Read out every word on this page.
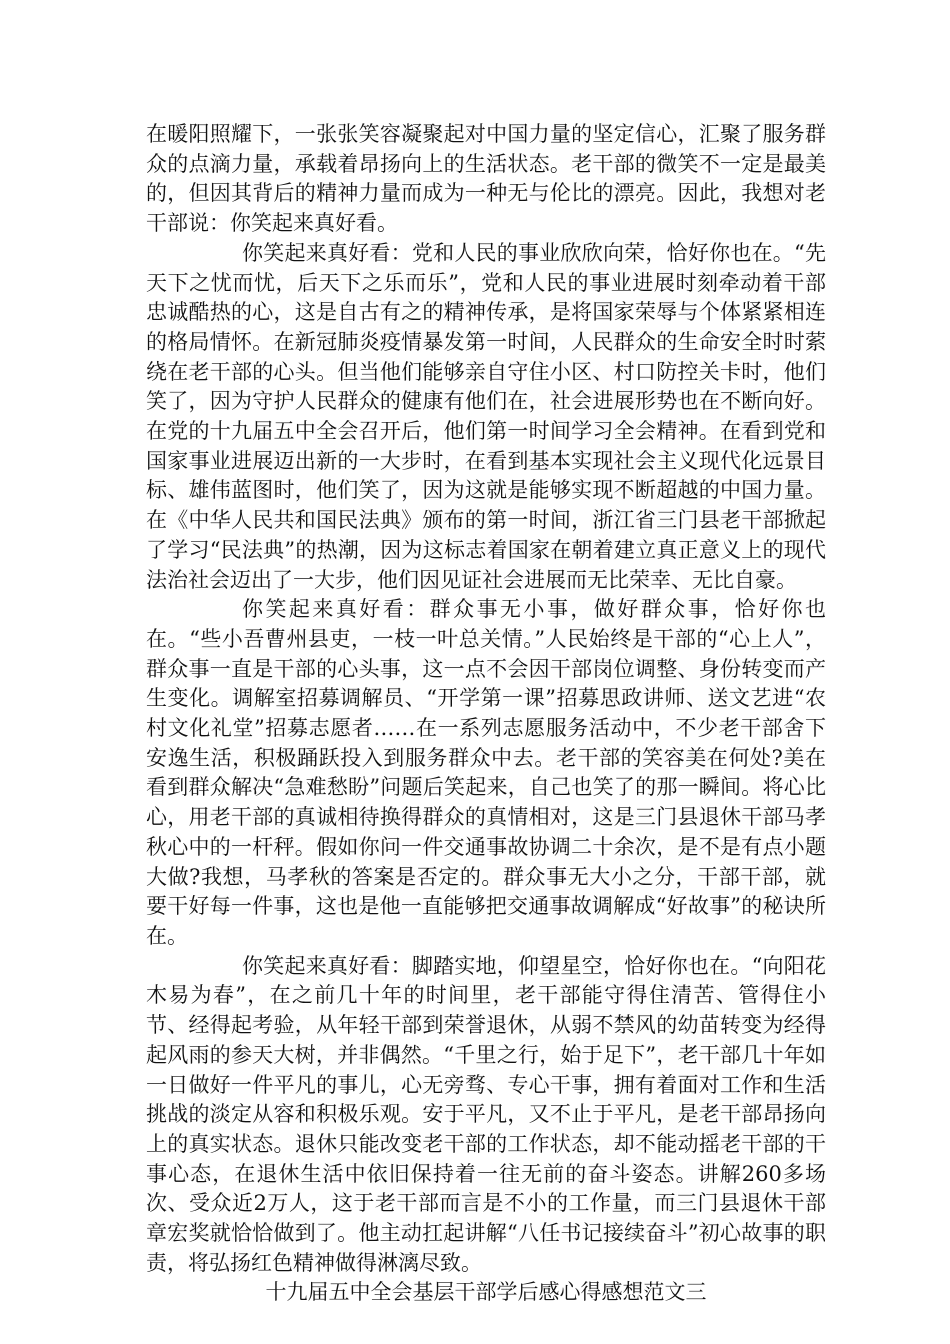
在暖阳照耀下，一张张笑容凝聚起对中国力量的坚定信心，汇聚了服务群众的点滴力量，承载着昂扬向上的生活状态。老干部的微笑不一定是最美的，但因其背后的精神力量而成为一种无与伦比的漂亮。因此，我想对老干部说：你笑起来真好看。

你笑起来真好看：党和人民的事业欣欣向荣，恰好你也在。“先天下之忧而忧，后天下之乐而乐”，党和人民的事业进展时刻牵动着干部忠诚酷热的心，这是自古有之的精神传承，是将国家荣辱与个体紧紧相连的格局情怀。在新冠肺炎疫情暴发第一时间，人民群众的生命安全时时萦绕在老干部的心头。但当他们能够亲自守住小区、村口防控关卡时，他们笑了，因为守护人民群众的健康有他们在，社会进展形势也在不断向好。在党的十九届五中全会召开后，他们第一时间学习全会精神。在看到党和国家事业进展迈出新的一大步时，在看到基本实现社会主义现代化远景目标、雄伟蓝图时，他们笑了，因为这就是能够实现不断超越的中国力量。在《中华人民共和国民法典》颁布的第一时间，浙江省三门县老干部掀起了学习“民法典”的热潮，因为这标志着国家在朝着建立真正意义上的现代法治社会迈出了一大步，他们因见证社会进展而无比荣幸、无比自豪。

你笑起来真好看：群众事无小事，做好群众事，恰好你也在。“些小吾曹州县吏，一枝一叶总关情。”人民始终是干部的“心上人”，群众事一直是干部的心头事，这一点不会因干部岗位调整、身份转变而产生变化。调解室招募调解员、“开学第一课”招募思政讲师、送文艺进“农村文化礼堂”招募志愿者……在一系列志愿服务活动中，不少老干部舍下安逸生活，积极踊跃投入到服务群众中去。老干部的笑容美在何处?美在看到群众解决“急难愁盼”问题后笑起来，自己也笑了的那一瞬间。将心比心，用老干部的真诚相待换得群众的真情相对，这是三门县退休干部马孝秋心中的一杆秤。假如你问一件交通事故协调二十余次，是不是有点小题大做?我想，马孝秋的答案是否定的。群众事无大小之分，干部干部，就要干好每一件事，这也是他一直能够把交通事故调解成“好故事”的秘诀所在。

你笑起来真好看：脚踏实地，仰望星空，恰好你也在。“向阳花木易为春”，在之前几十年的时间里，老干部能守得住清苦、管得住小节、经得起考验，从年轻干部到荣誉退休，从弱不禁风的幼苗转变为经得起风雨的参天大树，并非偶然。“千里之行，始于足下”，老干部几十年如一日做好一件平凡的事儿，心无旁骛、专心干事，拥有着面对工作和生活挑战的淡定从容和积极乐观。安于平凡，又不止于平凡，是老干部昂扬向上的真实状态。退休只能改变老干部的工作状态，却不能动摇老干部的干事心态，在退休生活中依旧保持着一往无前的奋斗姿态。讲解260多场次、受众近2万人，这于老干部而言是不小的工作量，而三门县退休干部章宏奖就恰恰做到了。他主动扛起讲解“八任书记接续奋斗”初心故事的职责，将弘扬红色精神做得淋漓尽致。

十九届五中全会基层干部学后感心得感想范文三
